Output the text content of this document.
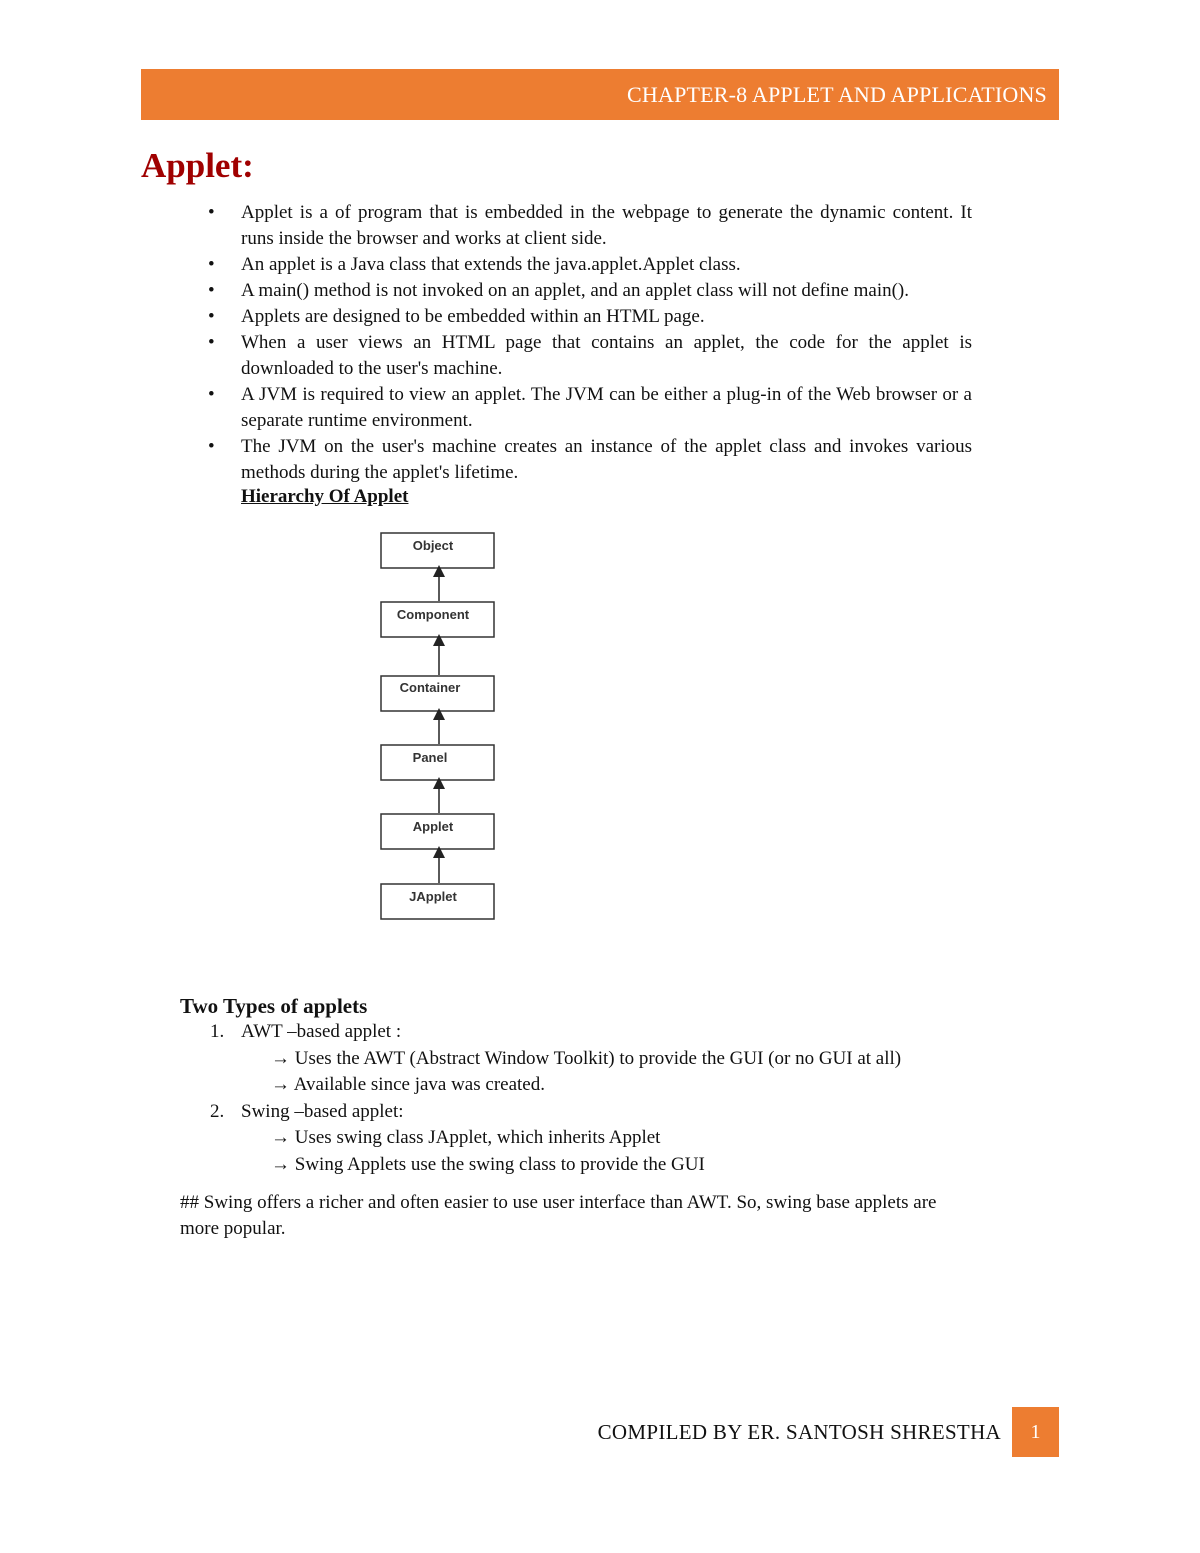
CHAPTER-8 APPLET AND APPLICATIONS
Applet:
• Applet is a of program that is embedded in the webpage to generate the dynamic content. It runs inside the browser and works at client side.
• An applet is a Java class that extends the java.applet.Applet class.
• A main() method is not invoked on an applet, and an applet class will not define main().
• Applets are designed to be embedded within an HTML page.
• When a user views an HTML page that contains an applet, the code for the applet is downloaded to the user's machine.
• A JVM is required to view an applet. The JVM can be either a plug-in of the Web browser or a separate runtime environment.
• The JVM on the user's machine creates an instance of the applet class and invokes various methods during the applet's lifetime.
Hierarchy Of Applet
Object
Component
Container
Panel
Applet
JApplet
Two Types of applets
1. AWT –based applet :
→ Uses the AWT (Abstract Window Toolkit) to provide the GUI (or no GUI at all)
→ Available since java was created.
2. Swing –based applet:
→ Uses swing class JApplet, which inherits Applet
→ Swing Applets use the swing class to provide the GUI

## Swing offers a richer and often easier to use user interface than AWT. So, swing base applets are more popular.

COMPILED BY ER. SANTOSH SHRESTHA	1
